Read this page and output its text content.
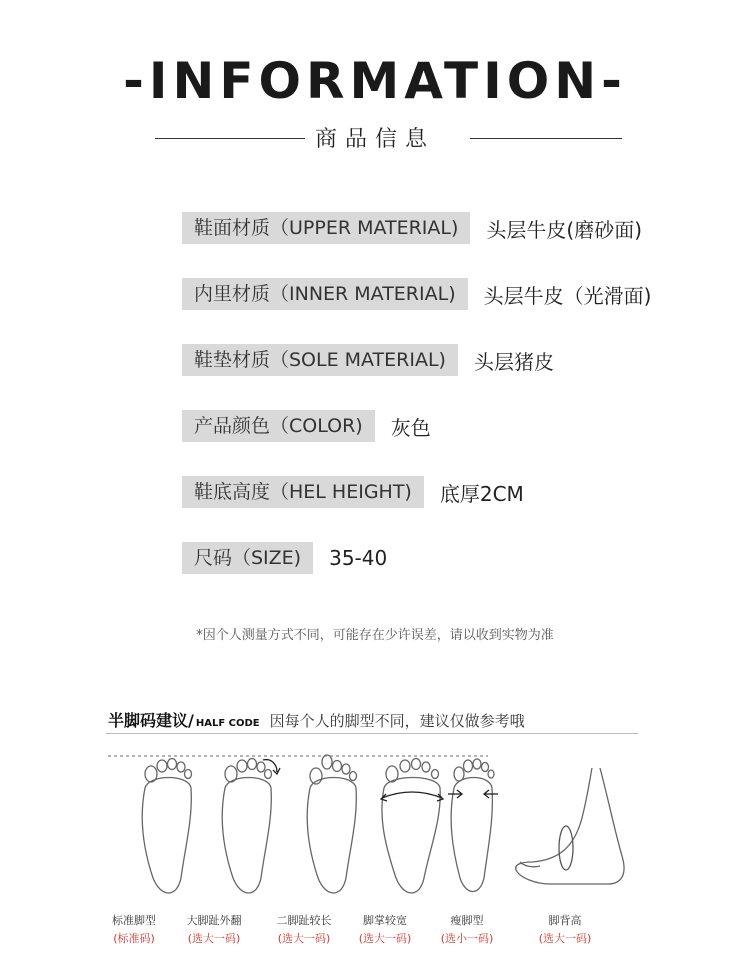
-INFORMATION-
商品信息
鞋面材质（UPPER MATERIAL)	头层牛皮(磨砂面)
内里材质（INNER MATERIAL)	头层牛皮（光滑面)
鞋垫材质（SOLE MATERIAL)	头层猪皮
产品颜色（COLOR)	灰色
鞋底高度（HEL HEIGHT)	底厚2CM
尺码（SIZE)	35-40
*因个人测量方式不同，可能存在少许误差，请以收到实物为准
半脚码建议/ HALF CODE 因每个人的脚型不同，建议仅做参考哦
标准脚型
(标准码)
大脚趾外翻
(选大一码)
二脚趾较长
(选大一码)
脚掌较宽
(选大一码)
瘦脚型
(选小一码)
脚背高
(选大一码)
